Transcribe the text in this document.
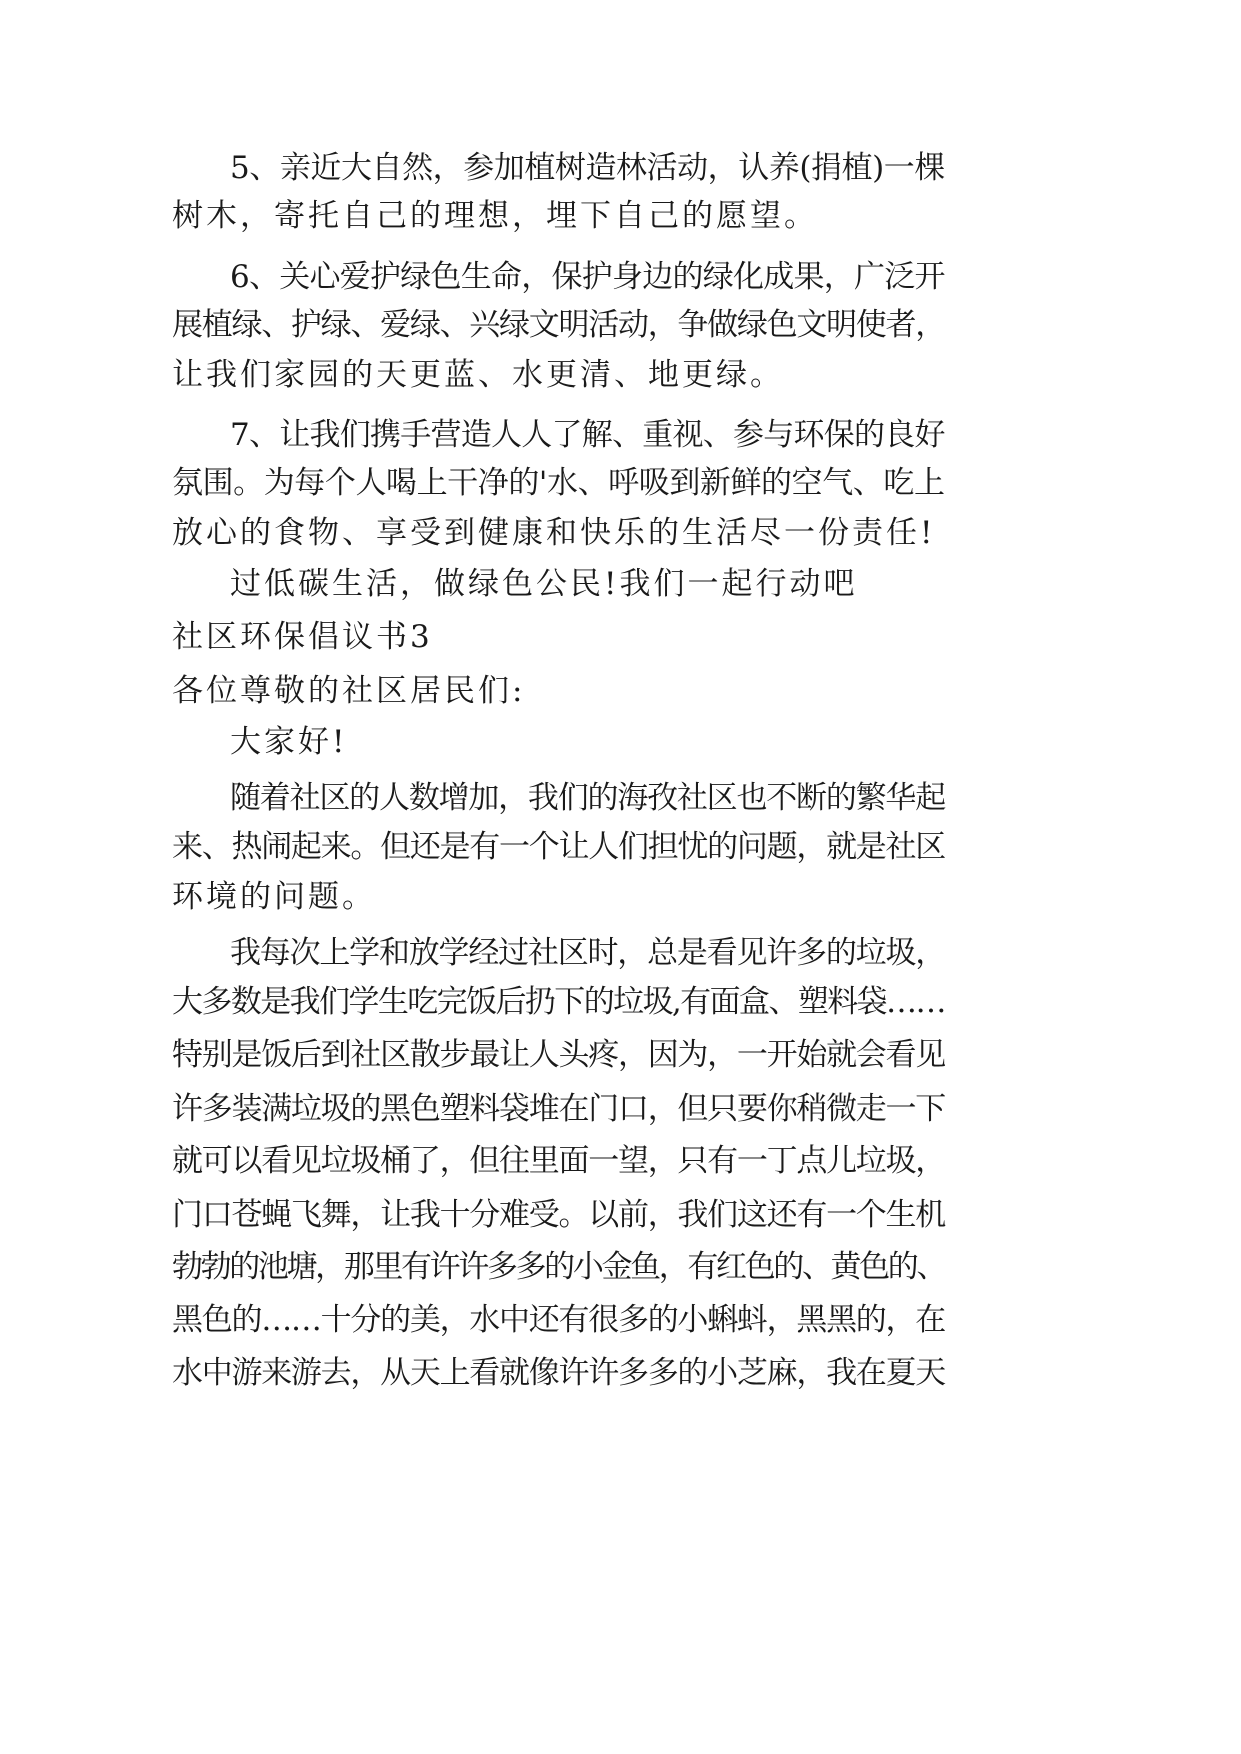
5、亲近大自然，参加植树造林活动，认养(捐植)一棵
树木，寄托自己的理想，埋下自己的愿望。
6、关心爱护绿色生命，保护身边的绿化成果，广泛开
展植绿、护绿、爱绿、兴绿文明活动，争做绿色文明使者，
让我们家园的天更蓝、水更清、地更绿。
7、让我们携手营造人人了解、重视、参与环保的良好
氛围。为每个人喝上干净的'水、呼吸到新鲜的空气、吃上
放心的食物、享受到健康和快乐的生活尽一份责任!
过低碳生活，做绿色公民!我们一起行动吧
社区环保倡议书3
各位尊敬的社区居民们:
大家好!
随着社区的人数增加，我们的海孜社区也不断的繁华起
来、热闹起来。但还是有一个让人们担忧的问题，就是社区
环境的问题。
我每次上学和放学经过社区时，总是看见许多的垃圾，
大多数是我们学生吃完饭后扔下的垃圾,有面盒、塑料袋……
特别是饭后到社区散步最让人头疼，因为，一开始就会看见
许多装满垃圾的黑色塑料袋堆在门口，但只要你稍微走一下
就可以看见垃圾桶了，但往里面一望，只有一丁点儿垃圾，
门口苍蝇飞舞，让我十分难受。以前，我们这还有一个生机
勃勃的池塘，那里有许许多多的小金鱼，有红色的、黄色的、
黑色的……十分的美，水中还有很多的小蝌蚪，黑黑的，在
水中游来游去，从天上看就像许许多多的小芝麻，我在夏天
